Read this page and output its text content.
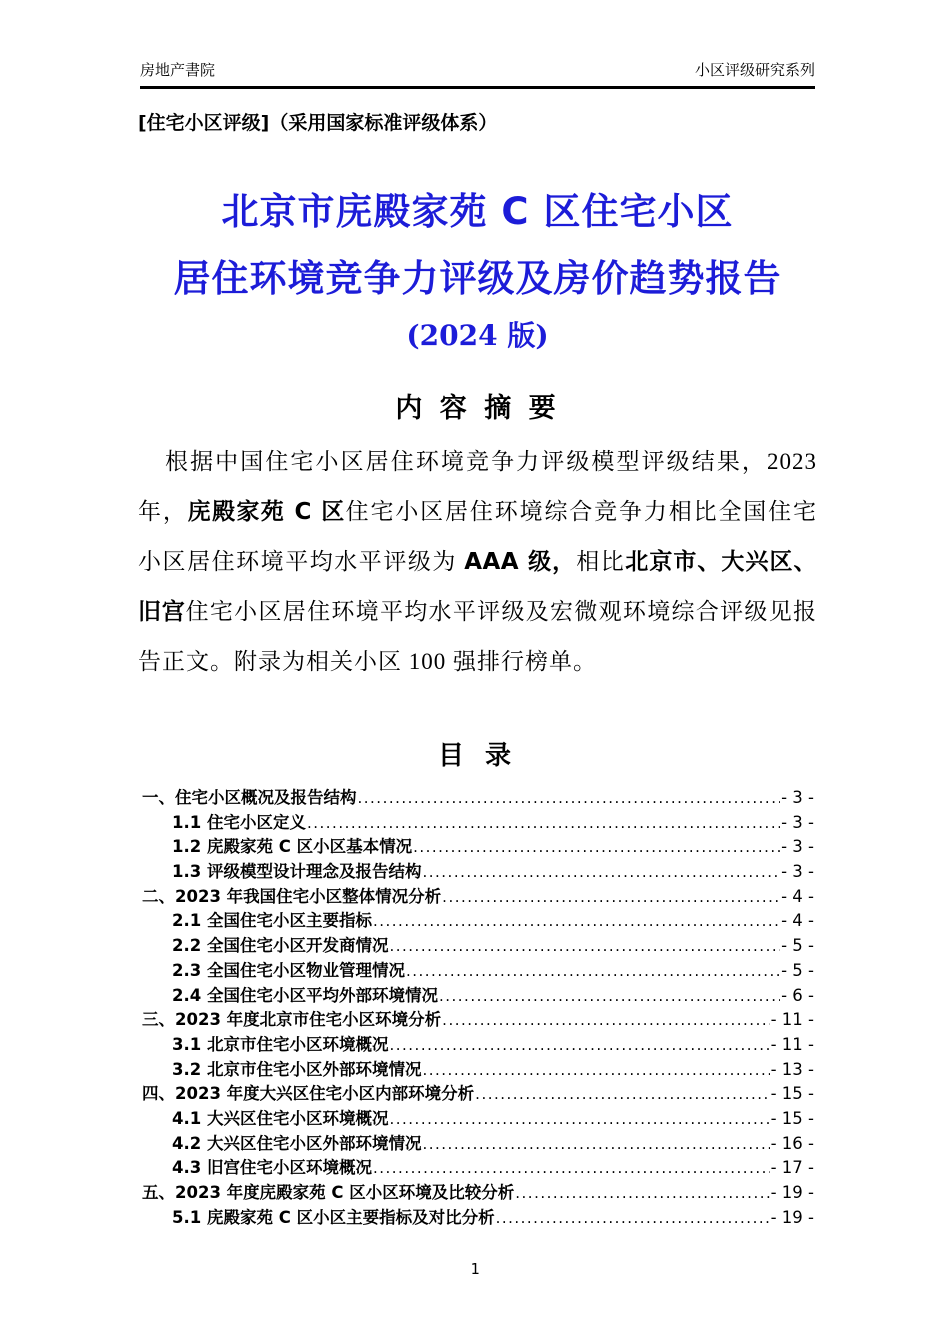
房地产書院	小区评级研究系列
[住宅小区评级]（采用国家标准评级体系）
北京市庑殿家苑 C 区住宅小区
居住环境竞争力评级及房价趋势报告
(2024 版)
内 容 摘 要

根据中国住宅小区居住环境竞争力评级模型评级结果，2023 年，庑殿家苑 C 区住宅小区居住环境综合竞争力相比全国住宅小区居住环境平均水平评级为 AAA 级，相比北京市、大兴区、旧宫住宅小区居住环境平均水平评级及宏微观环境综合评级见报告正文。附录为相关小区 100 强排行榜单。

目 录
一、住宅小区概况及报告结构 .....	- 3 -
1.1 住宅小区定义 .....	- 3 -
1.2 庑殿家苑 C 区小区基本情况 .....	- 3 -
1.3 评级模型设计理念及报告结构 .....	- 3 -
二、2023 年我国住宅小区整体情况分析 .....	- 4 -
2.1 全国住宅小区主要指标 .....	- 4 -
2.2 全国住宅小区开发商情况 .....	- 5 -
2.3 全国住宅小区物业管理情况 .....	- 5 -
2.4 全国住宅小区平均外部环境情况 .....	- 6 -
三、2023 年度北京市住宅小区环境分析 .....	- 11 -
3.1 北京市住宅小区环境概况 .....	- 11 -
3.2 北京市住宅小区外部环境情况 .....	- 13 -
四、2023 年度大兴区住宅小区内部环境分析 .....	- 15 -
4.1 大兴区住宅小区环境概况 .....	- 15 -
4.2 大兴区住宅小区外部环境情况 .....	- 16 -
4.3 旧宫住宅小区环境概况 .....	- 17 -
五、2023 年度庑殿家苑 C 区小区环境及比较分析 .....	- 19 -
5.1 庑殿家苑 C 区小区主要指标及对比分析 .....	- 19 -
1
